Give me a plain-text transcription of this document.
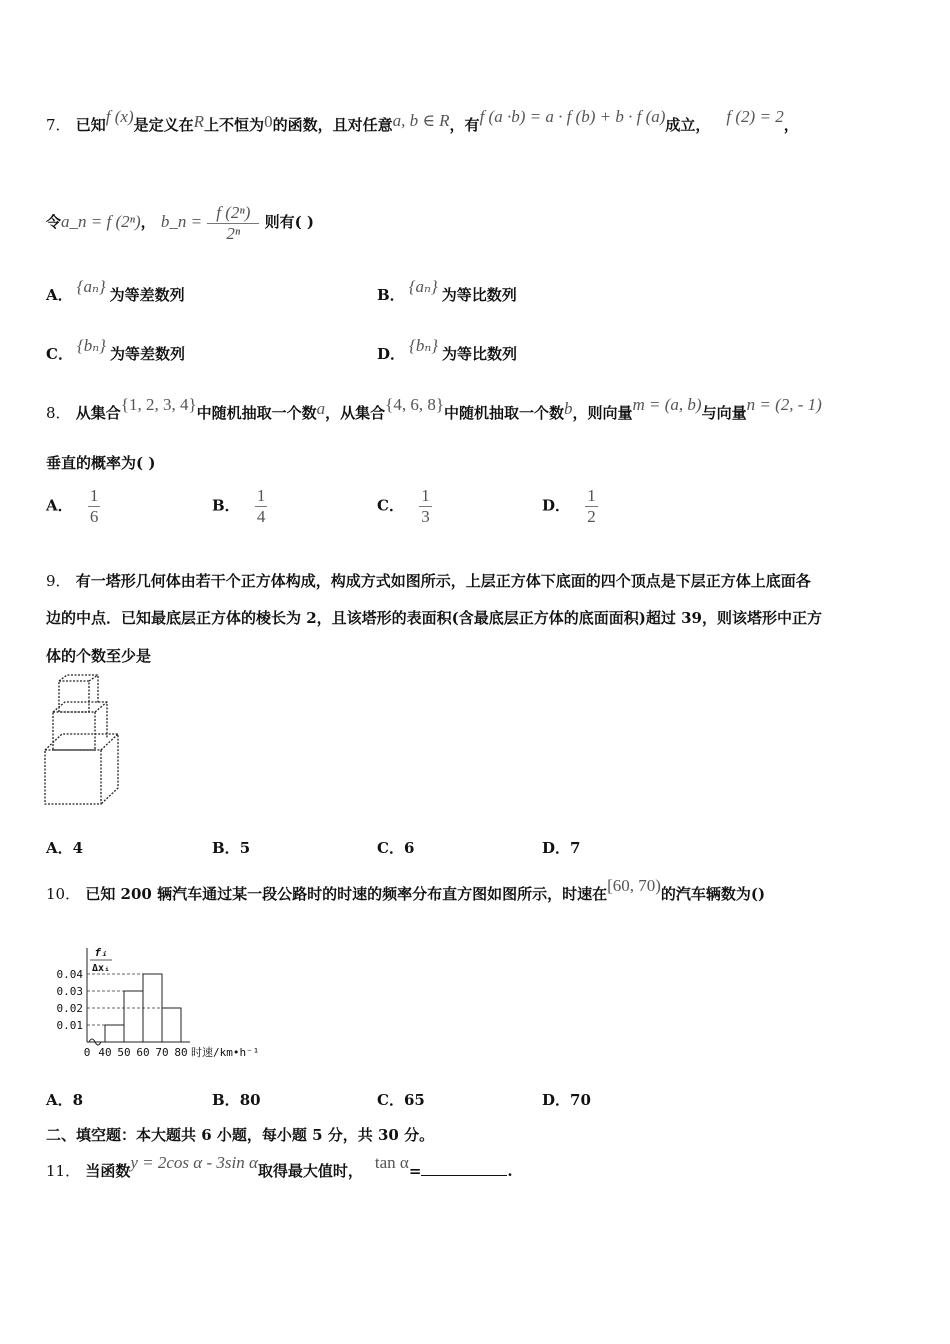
7． 已知f (x)是定义在R上不恒为0的函数，且对任意a, b ∈ R，有f (a ·b) = a · f (b) + b · f (a)成立， f (2) = 2，
令a_n = f (2ⁿ)， b_n = $\frac{\text{f (2ⁿ)}}{\text{2ⁿ}}$ 则有( )
A． {aₙ} 为等差数列	B． {aₙ} 为等比数列
C． {bₙ} 为等差数列	D． {bₙ} 为等比数列
8． 从集合{1, 2, 3, 4}中随机抽取一个数a，从集合{4, 6, 8}中随机抽取一个数b，则向量m = (a, b)与向量n = (2, - 1)
垂直的概率为( )
A． $\frac{1}{6}$	B． $\frac{1}{4}$	C． $\frac{1}{3}$	D． $\frac{1}{2}$
9． 有一塔形几何体由若干个正方体构成，构成方式如图所示，上层正方体下底面的四个顶点是下层正方体上底面各
边的中点．已知最底层正方体的棱长为 2，且该塔形的表面积(含最底层正方体的底面面积)超过 39，则该塔形中正方
体的个数至少是
A．4	B．5	C．6	D．7
10． 已知 200 辆汽车通过某一段公路时的时速的频率分布直方图如图所示，时速在[60, 70)的汽车辆数为()
0.01
0.02
0.03
0.04
0 40 50 60 70 80 时速/km•h⁻¹
fᵢ
Δxᵢ
A．8	B．80	C．65	D．70
二、填空题：本大题共 6 小题，每小题 5 分，共 30 分。
11． 当函数y = 2cos α - 3sin α取得最大值时， tan α=	.
